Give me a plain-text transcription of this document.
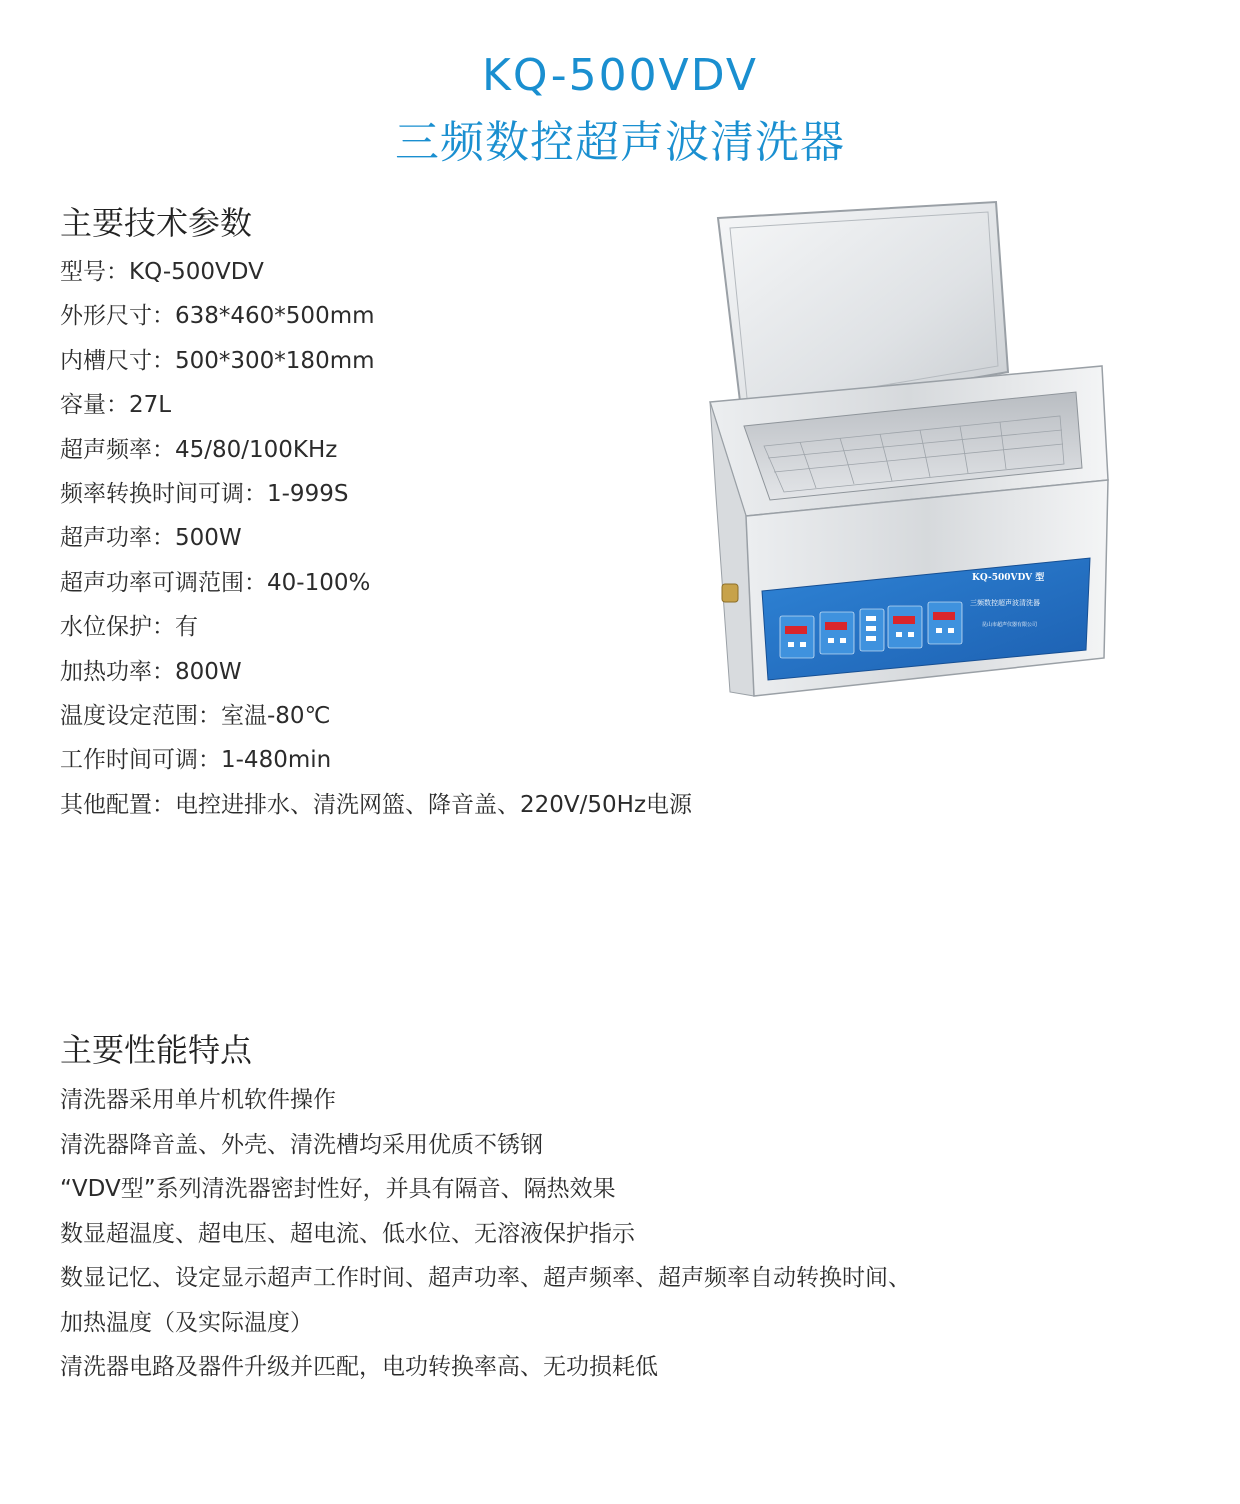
KQ-500VDV
三频数控超声波清洗器
主要技术参数
型号：KQ-500VDV
外形尺寸：638*460*500mm
内槽尺寸：500*300*180mm
容量：27L
超声频率：45/80/100KHz
频率转换时间可调：1-999S
超声功率：500W
超声功率可调范围：40-100%
水位保护：有
加热功率：800W
温度设定范围：室温-80℃
工作时间可调：1-480min
其他配置：电控进排水、清洗网篮、降音盖、220V/50Hz电源
KQ-500VDV 型
三频数控超声波清洗器
昆山市超声仪器有限公司
主要性能特点
清洗器采用单片机软件操作
清洗器降音盖、外壳、清洗槽均采用优质不锈钢
“VDV型”系列清洗器密封性好，并具有隔音、隔热效果
数显超温度、超电压、超电流、低水位、无溶液保护指示
数显记忆、设定显示超声工作时间、超声功率、超声频率、超声频率自动转换时间、
加热温度（及实际温度）
清洗器电路及器件升级并匹配，电功转换率高、无功损耗低
